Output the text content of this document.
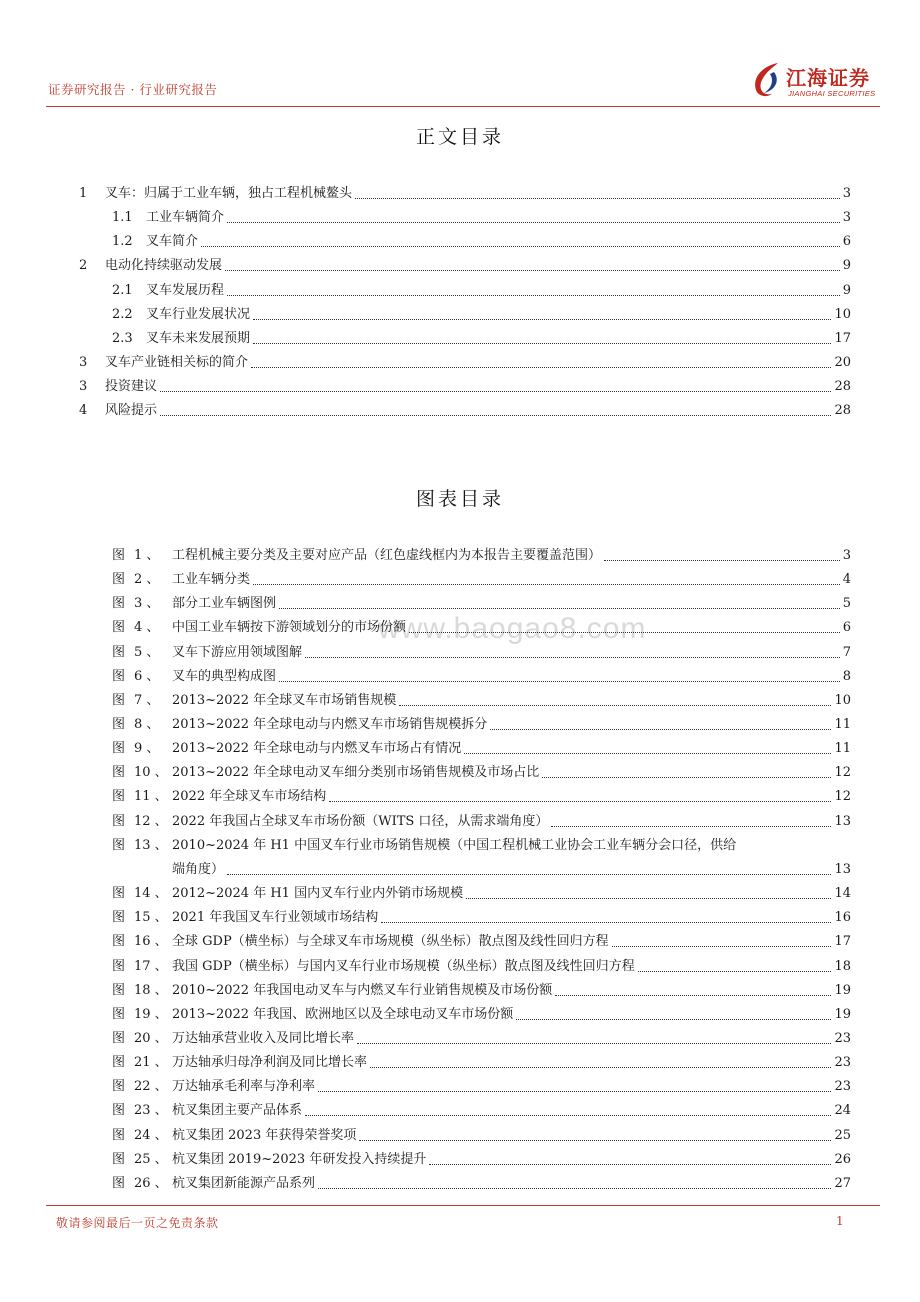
证券研究报告 · 行业研究报告	江海证券
JIANGHAI SECURITIES
正文目录
1	叉车：归属于工业车辆，独占工程机械鳌头	3
1.1	工业车辆简介	3
1.2	叉车简介	6
2	电动化持续驱动发展	9
2.1	叉车发展历程	9
2.2	叉车行业发展状况	10
2.3	叉车未来发展预期	17
3	叉车产业链相关标的简介	20
3	投资建议	28
4	风险提示	28
图表目录
www.baogao8.com
图 1 、 工程机械主要分类及主要对应产品（红色虚线框内为本报告主要覆盖范围）	3
图 2 、 工业车辆分类	4
图 3 、 部分工业车辆图例	5
图 4 、 中国工业车辆按下游领域划分的市场份额	6
图 5 、 叉车下游应用领域图解	7
图 6 、 叉车的典型构成图	8
图 7 、 2013~2022 年全球叉车市场销售规模	10
图 8 、 2013~2022 年全球电动与内燃叉车市场销售规模拆分	11
图 9 、 2013~2022 年全球电动与内燃叉车市场占有情况	11
图 10 、 2013~2022 年全球电动叉车细分类别市场销售规模及市场占比	12
图 11 、 2022 年全球叉车市场结构	12
图 12 、 2022 年我国占全球叉车市场份额（WITS 口径，从需求端角度）	13
图 13 、 2010~2024 年 H1 中国叉车行业市场销售规模（中国工程机械工业协会工业车辆分会口径，供给
端角度）	13
图 14 、 2012~2024 年 H1 国内叉车行业内外销市场规模	14
图 15 、 2021 年我国叉车行业领域市场结构	16
图 16 、 全球 GDP（横坐标）与全球叉车市场规模（纵坐标）散点图及线性回归方程	17
图 17 、 我国 GDP（横坐标）与国内叉车行业市场规模（纵坐标）散点图及线性回归方程	18
图 18 、 2010~2022 年我国电动叉车与内燃叉车行业销售规模及市场份额	19
图 19 、 2013~2022 年我国、欧洲地区以及全球电动叉车市场份额	19
图 20 、 万达轴承营业收入及同比增长率	23
图 21 、 万达轴承归母净利润及同比增长率	23
图 22 、 万达轴承毛利率与净利率	23
图 23 、 杭叉集团主要产品体系	24
图 24 、 杭叉集团 2023 年获得荣誉奖项	25
图 25 、 杭叉集团 2019~2023 年研发投入持续提升	26
图 26 、 杭叉集团新能源产品系列	27
敬请参阅最后一页之免责条款	1
